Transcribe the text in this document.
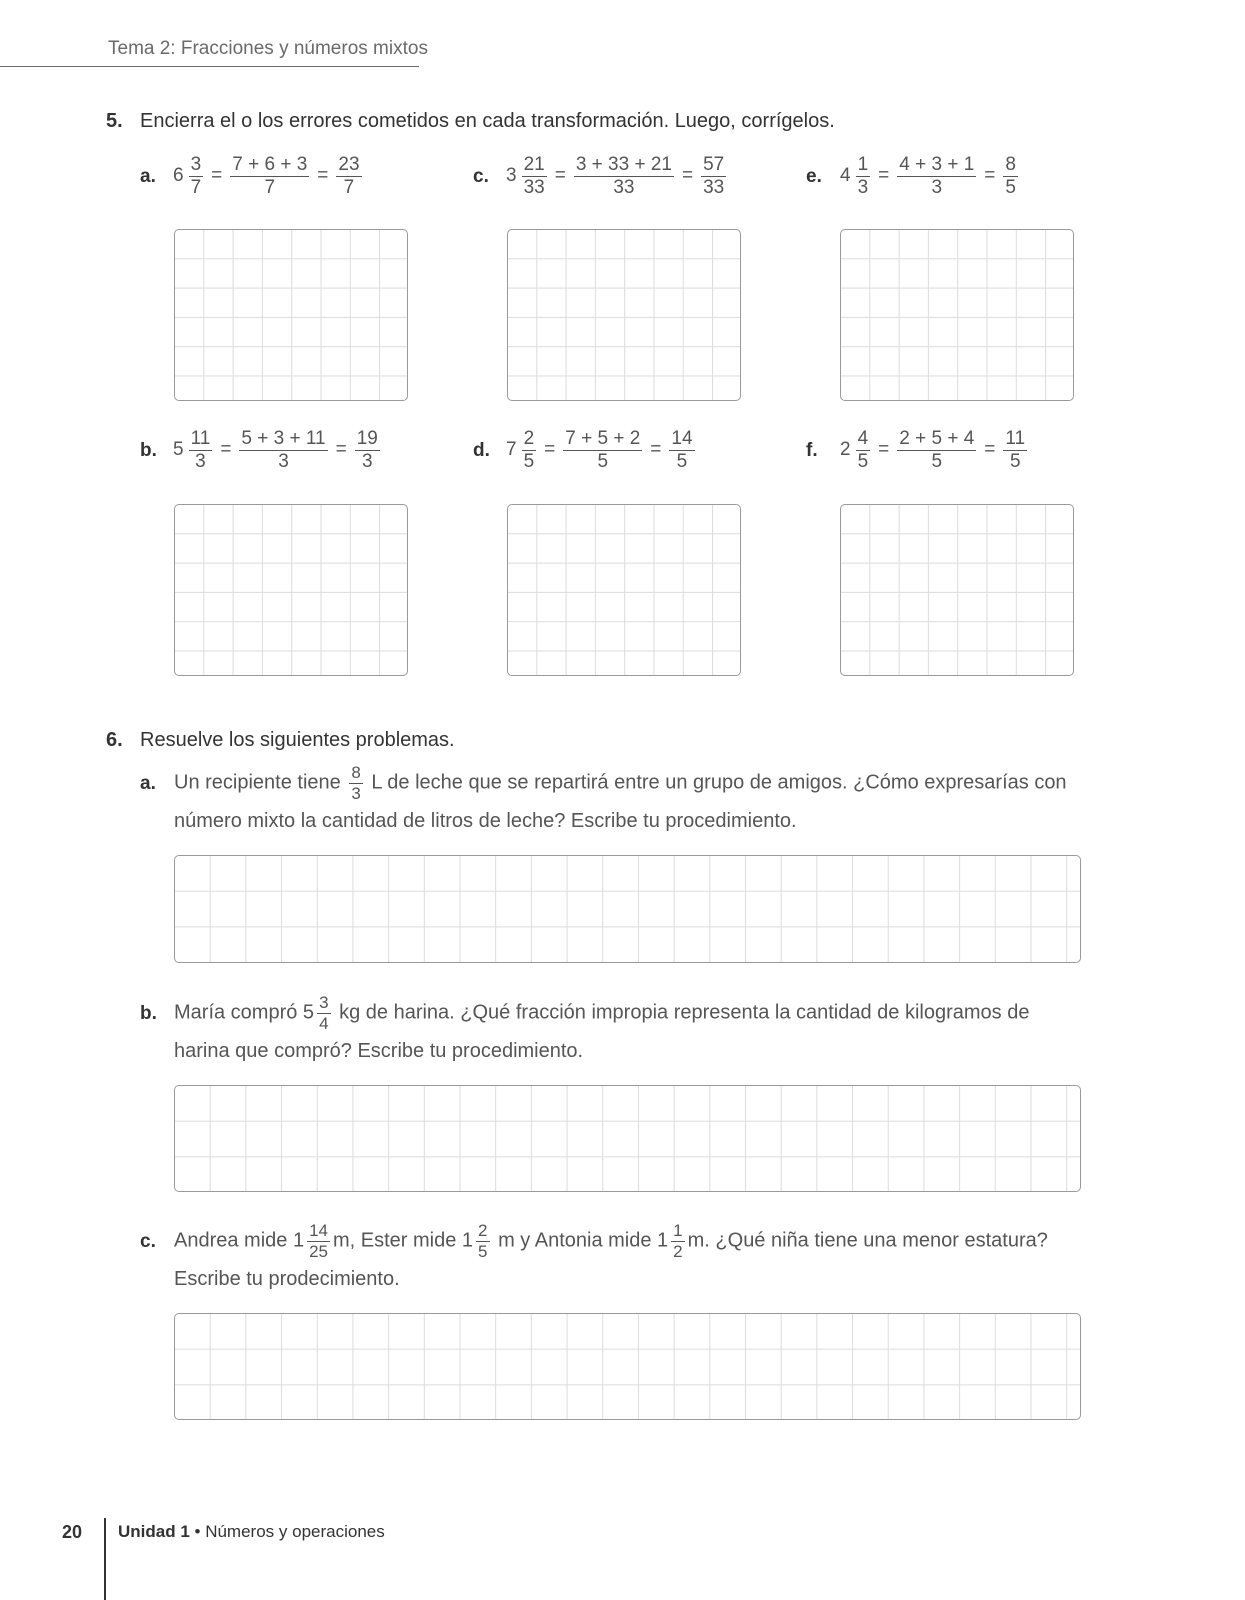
Tema 2: Fracciones y números mixtos
5. Encierra el o los errores cometidos en cada transformación. Luego, corrígelos.
a. $6 \frac{3}{7} = \frac{7 + 6 + 3}{7} = \frac{23}{7}$	c. $3 \frac{21}{33} = \frac{3 + 33 + 21}{33} = \frac{57}{33}$	e. $4 \frac{1}{3} = \frac{4 + 3 + 1}{3} = \frac{8}{5}$
b. $5 \frac{11}{3} = \frac{5 + 3 + 11}{3} = \frac{19}{3}$	d. $7 \frac{2}{5} = \frac{7 + 5 + 2}{5} = \frac{14}{5}$	f. $2 \frac{4}{5} = \frac{2 + 5 + 4}{5} = \frac{11}{5}$
6. Resuelve los siguientes problemas.
a. Un recipiente tiene $\frac{8}{3}$ L de leche que se repartirá entre un grupo de amigos. ¿Cómo expresarías con
número mixto la cantidad de litros de leche? Escribe tu procedimiento.
b. María compró $5 \frac{3}{4}$ kg de harina. ¿Qué fracción impropia representa la cantidad de kilogramos de
harina que compró? Escribe tu procedimiento.
c. Andrea mide $1 \frac{14}{25} m$, Ester mide $1 \frac{2}{5}$ m y Antonia mide $1 \frac{1}{2} m$. ¿Qué niña tiene una menor estatura?
Escribe tu prodecimiento.
20 Unidad 1 • Números y operaciones
